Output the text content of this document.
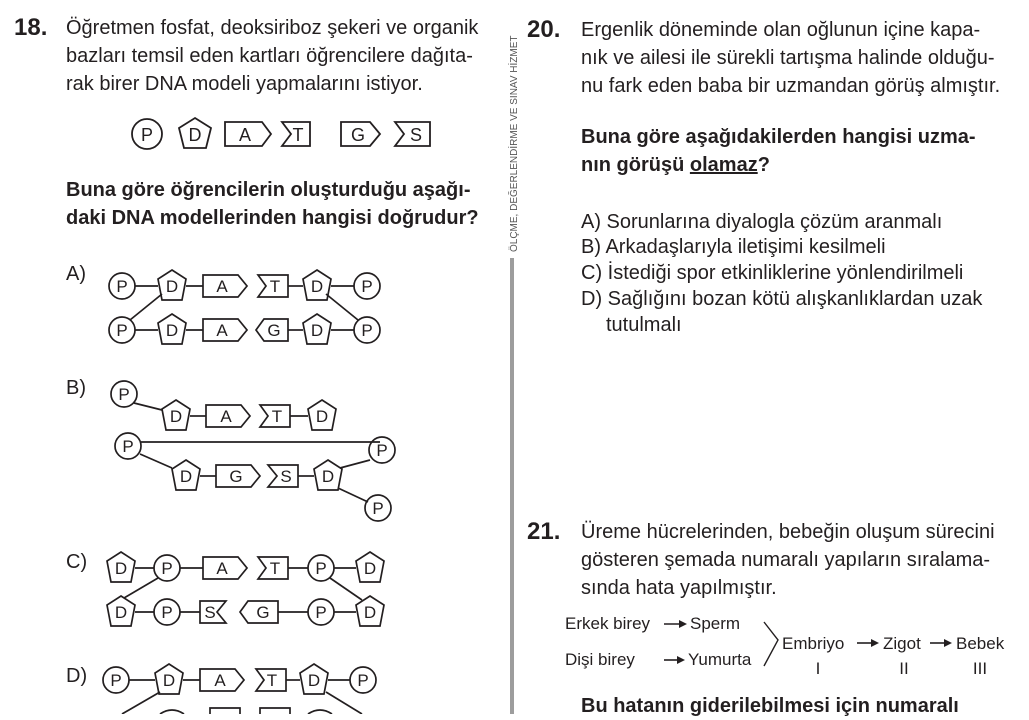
18. Öğretmen fosfat, deoksiriboz şekeri ve organik
bazları temsil eden kartları öğrencilere dağıta-
rak birer DNA modeli yapmalarını istiyor.
P D A T	G S
Buna göre öğrencilerin oluşturduğu aşağı-
daki DNA modellerinden hangisi doğrudur?
A)
B)
C)
D)
P D A T D P
P D A G D P
P
D A T D
P	P
D G S D
P
D P	A T P D
D P S G	P D
P D A T D P
ÖLÇME, DEĞERLENDİRME VE SINAV HİZMET
20. Ergenlik döneminde olan oğlunun içine kapa-
nık ve ailesi ile sürekli tartışma halinde olduğu-
nu fark eden baba bir uzmandan görüş almıştır.
Buna göre aşağıdakilerden hangisi uzma-
nın görüşü olamaz?
A) Sorunlarına diyalogla çözüm aranmalı
B) Arkadaşlarıyla iletişimi kesilmeli
C) İstediği spor etkinliklerine yönlendirilmeli
D) Sağlığını bozan kötü alışkanlıklardan uzak
tutulmalı
21. Üreme hücrelerinden, bebeğin oluşum sürecini
gösteren şemada numaralı yapıların sıralama-
sında hata yapılmıştır.
Erkek birey Sperm
Dişi birey	Yumurta
Embriyo Zigot Bebek
I	II	III
Bu hatanın giderilebilmesi için numaralı
